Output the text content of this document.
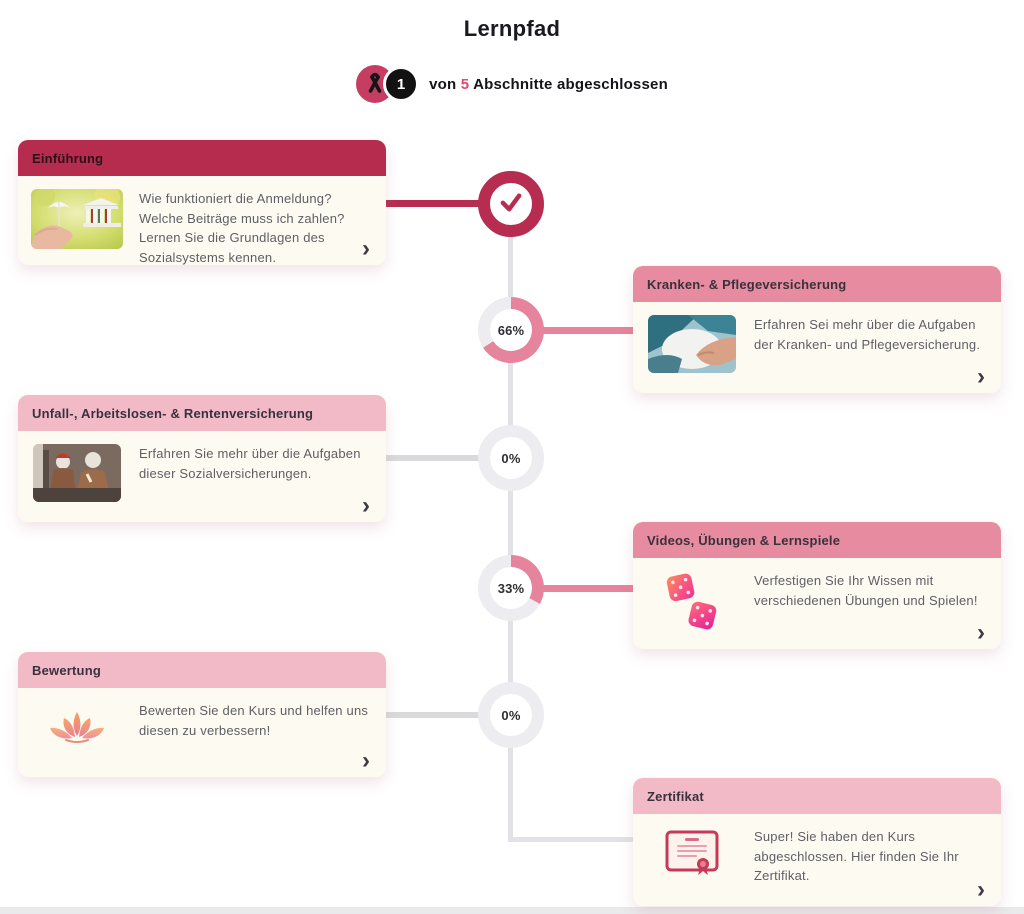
Lernpfad
1 von 5 Abschnitte abgeschlossen
66%
0%
33%
0%
Einführung

Wie funktioniert die Anmeldung? Welche Beiträge muss ich zahlen? Lernen Sie die Grundlagen des Sozialsystems kennen.	›
Kranken- & Pflegeversicherung

Erfahren Sei mehr über die Aufgaben der Kranken- und Pflegeversicherung.

›
Unfall-, Arbeitslosen- & Rentenversicherung

Erfahren Sie mehr über die Aufgaben dieser Sozialversicherungen.

›
Videos, Übungen & Lernspiele

Verfestigen Sie Ihr Wissen mit verschiedenen Übungen und Spielen!

›
Bewertung

Bewerten Sie den Kurs und helfen uns diesen zu verbessern!

›
Zertifikat

Super! Sie haben den Kurs abgeschlossen. Hier finden Sie Ihr Zertifikat.

›
